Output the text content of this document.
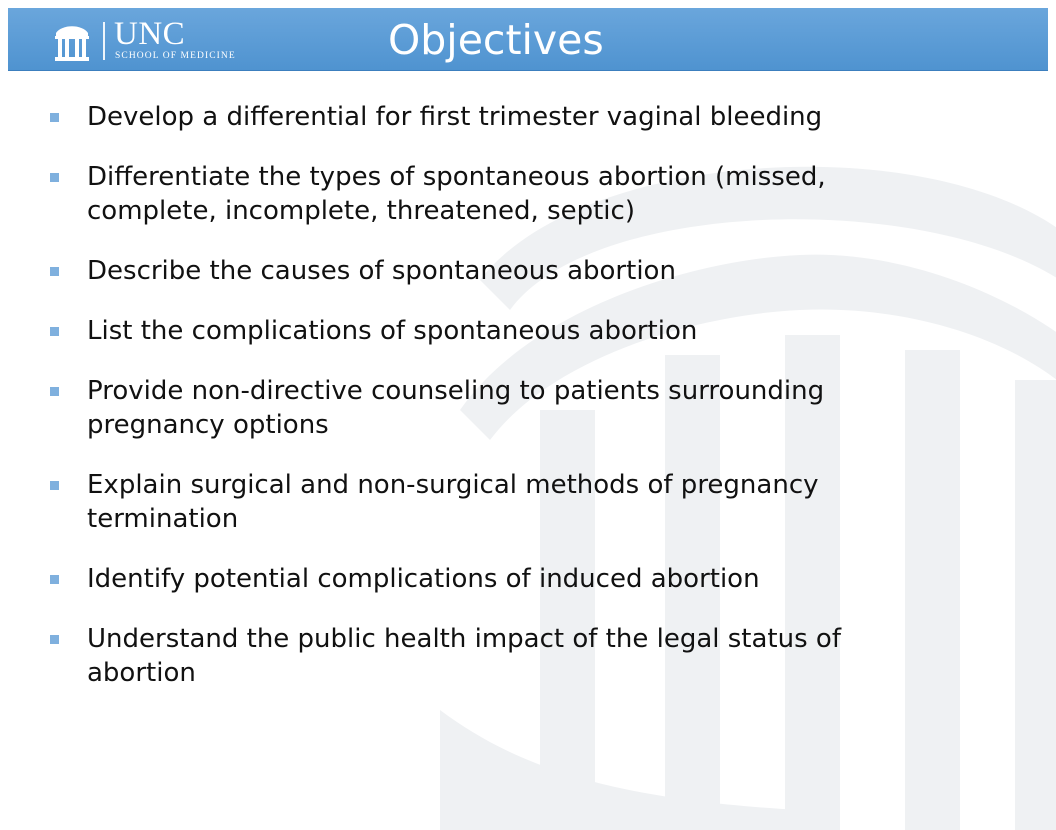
UNC
SCHOOL OF MEDICINE	Objectives
Develop a differential for first trimester vaginal bleeding
Differentiate the types of spontaneous abortion (missed, complete, incomplete, threatened, septic)
Describe the causes of spontaneous abortion
List the complications of spontaneous abortion
Provide non-directive counseling to patients surrounding pregnancy options
Explain surgical and non-surgical methods of pregnancy termination
Identify potential complications of induced abortion
Understand the public health impact of the legal status of abortion
